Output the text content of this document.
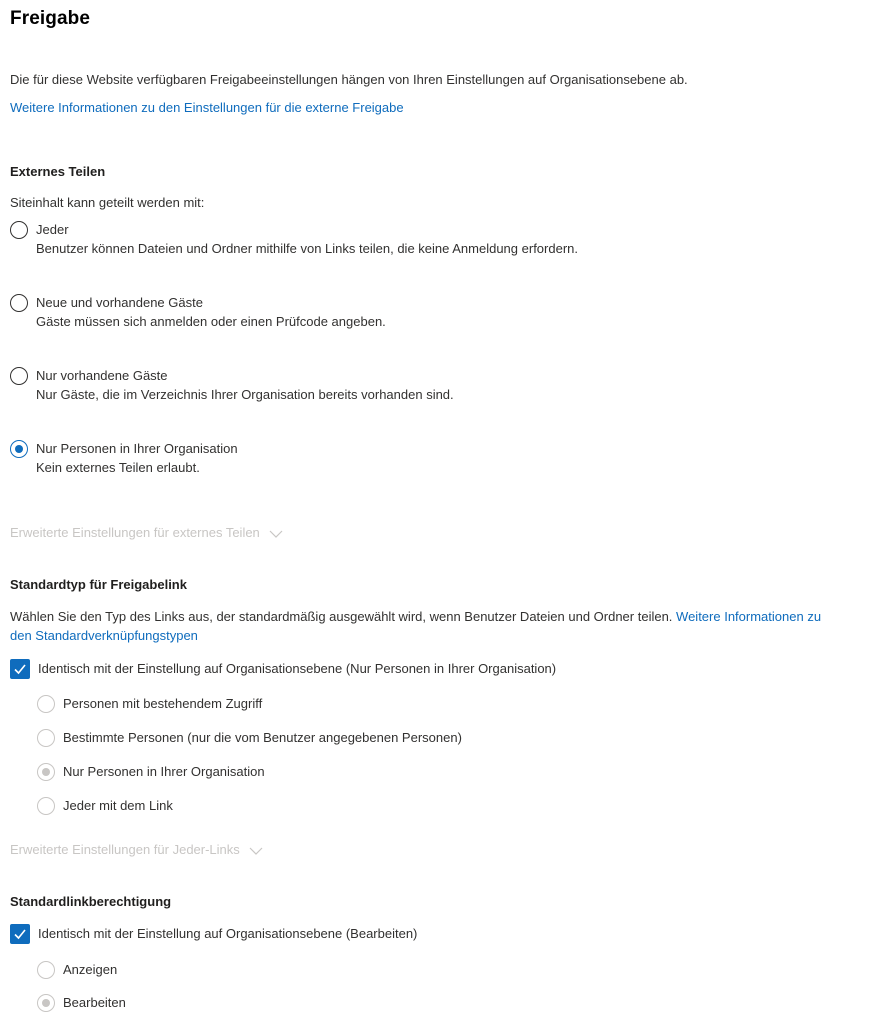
Freigabe
Die für diese Website verfügbaren Freigabeeinstellungen hängen von Ihren Einstellungen auf Organisationsebene ab.
Weitere Informationen zu den Einstellungen für die externe Freigabe
Externes Teilen
Siteinhalt kann geteilt werden mit:
Jeder
Benutzer können Dateien und Ordner mithilfe von Links teilen, die keine Anmeldung erfordern.
Neue und vorhandene Gäste
Gäste müssen sich anmelden oder einen Prüfcode angeben.
Nur vorhandene Gäste
Nur Gäste, die im Verzeichnis Ihrer Organisation bereits vorhanden sind.
Nur Personen in Ihrer Organisation
Kein externes Teilen erlaubt.
Erweiterte Einstellungen für externes Teilen
Standardtyp für Freigabelink
Wählen Sie den Typ des Links aus, der standardmäßig ausgewählt wird, wenn Benutzer Dateien und Ordner teilen. Weitere Informationen zu
den Standardverknüpfungstypen
Identisch mit der Einstellung auf Organisationsebene (Nur Personen in Ihrer Organisation)
Personen mit bestehendem Zugriff
Bestimmte Personen (nur die vom Benutzer angegebenen Personen)
Nur Personen in Ihrer Organisation
Jeder mit dem Link
Erweiterte Einstellungen für Jeder-Links
Standardlinkberechtigung
Identisch mit der Einstellung auf Organisationsebene (Bearbeiten)
Anzeigen
Bearbeiten
